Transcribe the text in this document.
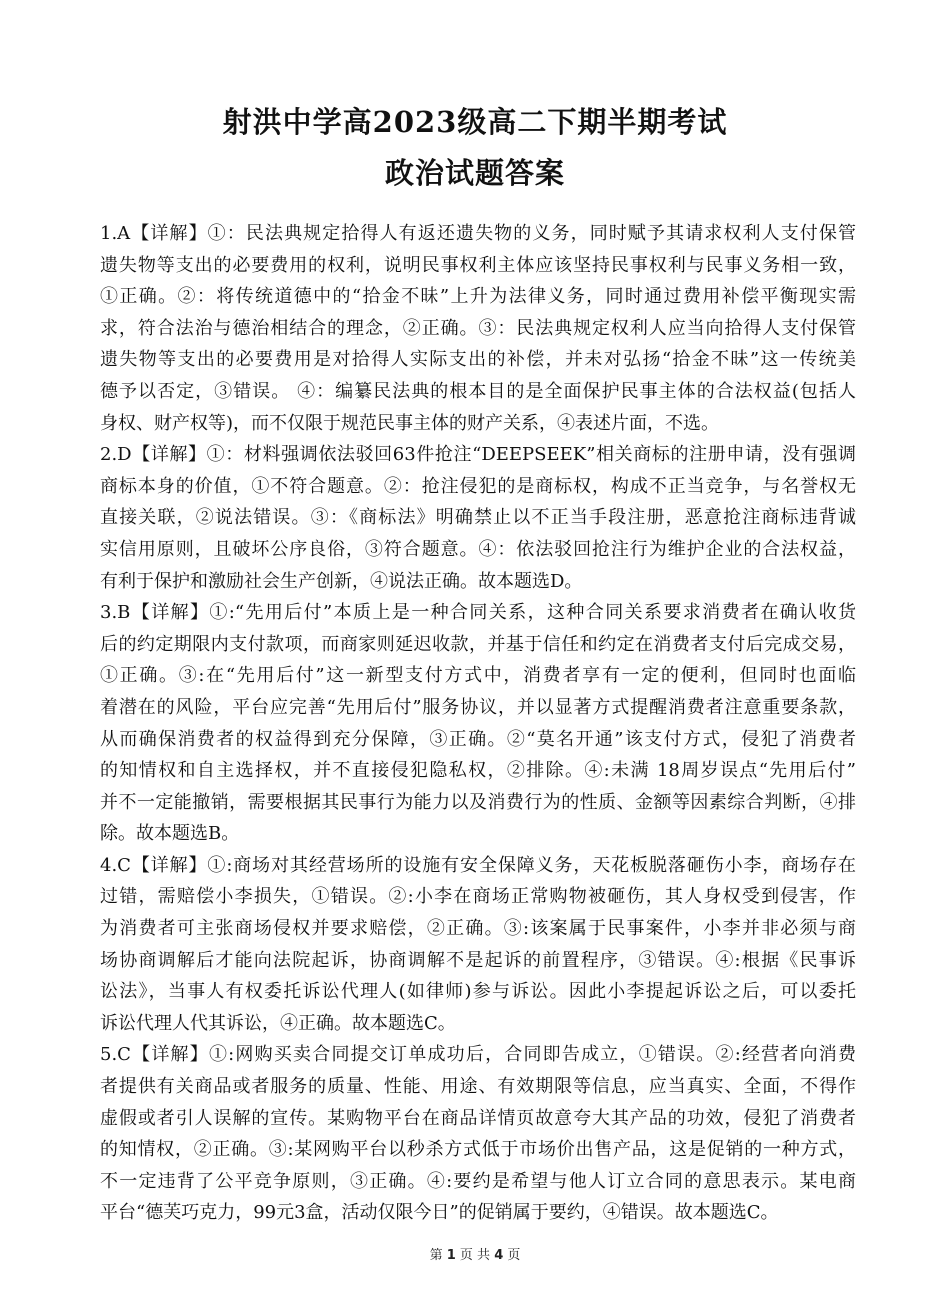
射洪中学高2023级高二下期半期考试
政治试题答案
1.A【详解】①：民法典规定拾得人有返还遗失物的义务，同时赋予其请求权利人支付保管
遗失物等支出的必要费用的权利，说明民事权利主体应该坚持民事权利与民事义务相一致，
①正确。②：将传统道德中的“拾金不昧”上升为法律义务，同时通过费用补偿平衡现实需
求，符合法治与德治相结合的理念，②正确。③：民法典规定权利人应当向拾得人支付保管
遗失物等支出的必要费用是对拾得人实际支出的补偿，并未对弘扬“拾金不昧”这一传统美
德予以否定，③错误。 ④：编纂民法典的根本目的是全面保护民事主体的合法权益(包括人
身权、财产权等)，而不仅限于规范民事主体的财产关系，④表述片面，不选。
2.D【详解】①：材料强调依法驳回63件抢注“DEEPSEEK”相关商标的注册申请，没有强调
商标本身的价值，①不符合题意。②：抢注侵犯的是商标权，构成不正当竞争，与名誉权无
直接关联，②说法错误。③：《商标法》明确禁止以不正当手段注册，恶意抢注商标违背诚
实信用原则，且破坏公序良俗，③符合题意。④：依法驳回抢注行为维护企业的合法权益，
有利于保护和激励社会生产创新，④说法正确。故本题选D。
3.B【详解】①:“先用后付”本质上是一种合同关系，这种合同关系要求消费者在确认收货
后的约定期限内支付款项，而商家则延迟收款，并基于信任和约定在消费者支付后完成交易，
①正确。③:在“先用后付”这一新型支付方式中，消费者享有一定的便利，但同时也面临
着潜在的风险，平台应完善“先用后付”服务协议，并以显著方式提醒消费者注意重要条款，
从而确保消费者的权益得到充分保障，③正确。②“莫名开通”该支付方式，侵犯了消费者
的知情权和自主选择权，并不直接侵犯隐私权，②排除。④:未满 18周岁误点“先用后付”
并不一定能撤销，需要根据其民事行为能力以及消费行为的性质、金额等因素综合判断，④排
除。故本题选B。
4.C【详解】①:商场对其经营场所的设施有安全保障义务，天花板脱落砸伤小李，商场存在
过错，需赔偿小李损失，①错误。②:小李在商场正常购物被砸伤，其人身权受到侵害，作
为消费者可主张商场侵权并要求赔偿，②正确。③:该案属于民事案件，小李并非必须与商
场协商调解后才能向法院起诉，协商调解不是起诉的前置程序，③错误。④:根据《民事诉
讼法》，当事人有权委托诉讼代理人(如律师)参与诉讼。因此小李提起诉讼之后，可以委托
诉讼代理人代其诉讼，④正确。故本题选C。
5.C【详解】①:网购买卖合同提交订单成功后，合同即告成立，①错误。②:经营者向消费
者提供有关商品或者服务的质量、性能、用途、有效期限等信息，应当真实、全面，不得作
虚假或者引人误解的宣传。某购物平台在商品详情页故意夸大其产品的功效，侵犯了消费者
的知情权，②正确。③:某网购平台以秒杀方式低于市场价出售产品，这是促销的一种方式，
不一定违背了公平竞争原则，③正确。④:要约是希望与他人订立合同的意思表示。某电商
平台“德芙巧克力，99元3盒，活动仅限今日”的促销属于要约，④错误。故本题选C。
第 1 页 共 4 页
